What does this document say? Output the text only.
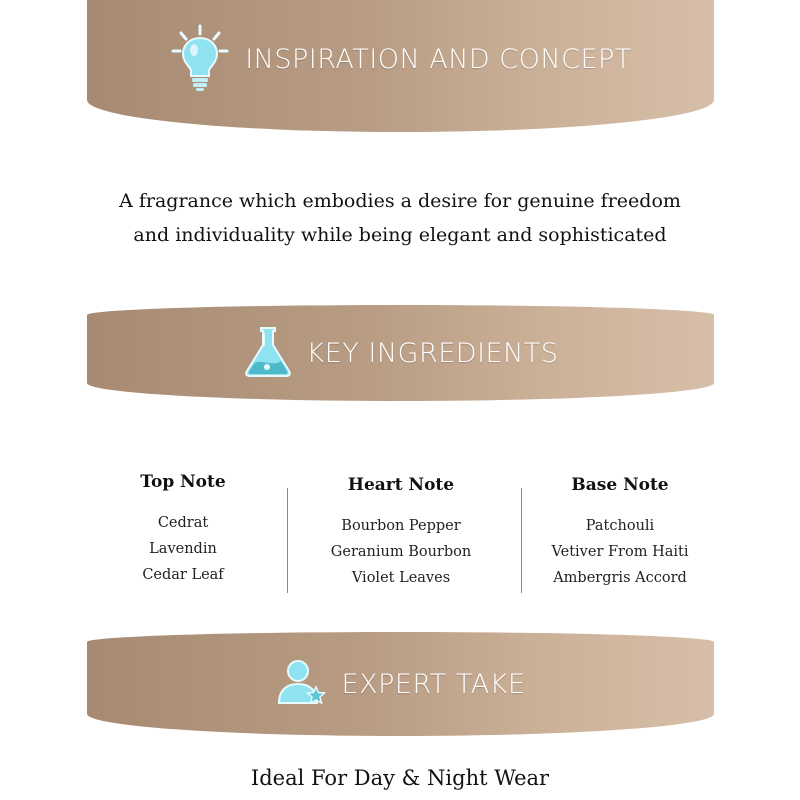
INSPIRATION AND CONCEPT
A fragrance which embodies a desire for genuine freedom
and individuality while being elegant and sophisticated
KEY INGREDIENTS
Top Note
Cedrat
Lavendin
Cedar Leaf
Heart Note
Bourbon Pepper
Geranium Bourbon
Violet Leaves
Base Note
Patchouli
Vetiver From Haiti
Ambergris Accord
EXPERT TAKE
Ideal For Day & Night Wear
